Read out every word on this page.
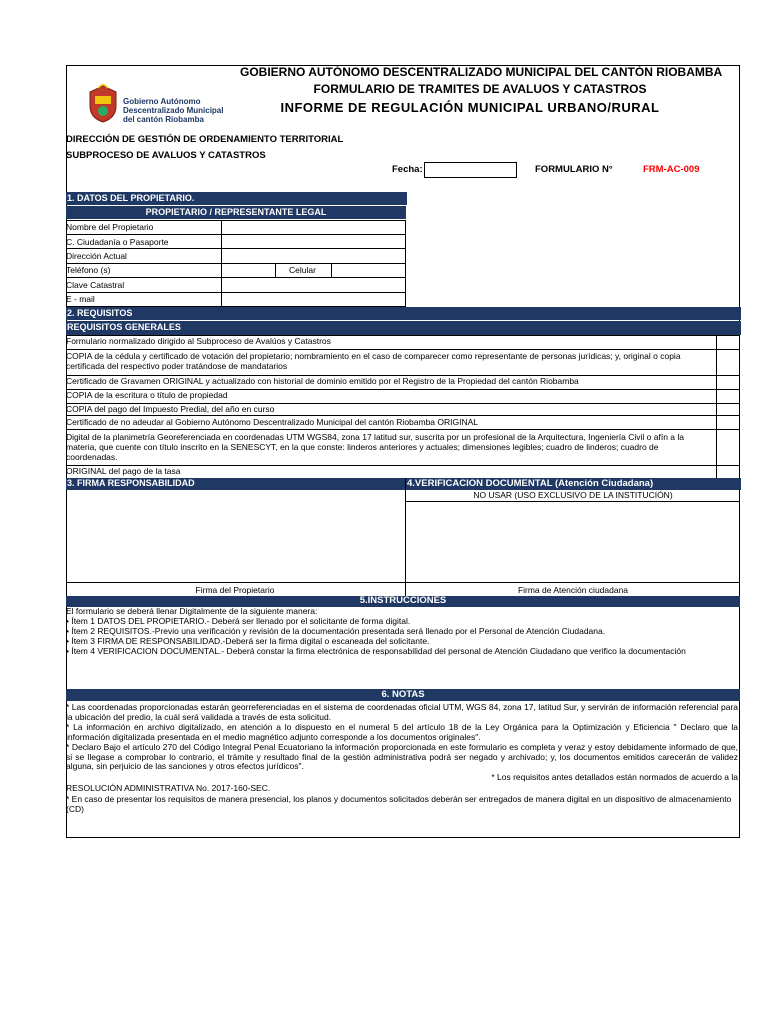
Gobierno Autónomo
Descentralizado Municipal
del cantón Riobamba
GOBIERNO AUTÓNOMO DESCENTRALIZADO MUNICIPAL DEL CANTÓN RIOBAMBA
FORMULARIO DE TRAMITES DE AVALUOS Y CATASTROS
INFORME DE REGULACIÓN MUNICIPAL URBANO/RURAL
DIRECCIÓN DE GESTIÓN DE ORDENAMIENTO TERRITORIAL
SUBPROCESO DE AVALUOS Y CATASTROS
Fecha:	FORMULARIO N°	FRM-AC-009
1. DATOS DEL PROPIETARIO.
PROPIETARIO / REPRESENTANTE LEGAL
Nombre del Propietario
C. Ciudadanía o Pasaporte
Dirección Actual
Teléfono (s)	Celular
Clave Catastral
E - mail
2. REQUISITOS
REQUISITOS GENERALES
Formulario normalizado dirigido al Subproceso de Avalúos y Catastros
COPIA de la cédula y certificado de votación del propietario; nombramiento en el caso de comparecer como representante de personas jurídicas; y, original o copia certificada del respectivo poder tratándose de mandatarios
Certificado de Gravamen ORIGINAL y actualizado con historial de dominio emitido por el Registro de la Propiedad del cantón Riobamba
COPIA de la escritura o título de propiedad
COPIA del pago del Impuesto Predial, del año en curso
Certificado de no adeudar al Gobierno Autónomo Descentralizado Municipal del cantón Riobamba ORIGINAL
Digital de la planimetría Georeferenciada en coordenadas UTM WGS84, zona 17 latitud sur, suscrita por un profesional de la Arquitectura, Ingeniería Civil o afín a la materia, que cuente con título inscrito en la SENESCYT, en la que conste: linderos anteriores y actuales; dimensiones legibles; cuadro de linderos; cuadro de coordenadas.
ORIGINAL del pago de la tasa
3. FIRMA RESPONSABILIDAD	4.VERIFICACION DOCUMENTAL (Atención Ciudadana)
NO USAR (USO EXCLUSIVO DE LA INSTITUCIÓN)
Firma del Propietario	Firma de Atención ciudadana
5.INSTRUCCIONES
El formulario se deberá llenar Digitalmente de la siguiente manera:
• Ítem 1 DATOS DEL PROPIETARIO.- Deberá ser llenado por el solicitante de forma digital.
• Ítem 2 REQUISITOS.-Previo una verificación y revisión de la documentación presentada será llenado por el Personal de Atención Ciudadana.
• Ítem 3 FIRMA DE RESPONSABILIDAD.-Deberá ser la firma digital o escaneada del solicitante.
• Ítem 4 VERIFICACION DOCUMENTAL.- Deberá constar la firma electrónica de responsabilidad del personal de Atención Ciudadano que verifico la documentación
6. NOTAS
* Las coordenadas proporcionadas estarán georreferenciadas en el sistema de coordenadas oficial UTM, WGS 84, zona 17, latitud Sur, y servirán de información referencial para la ubicación del predio, la cuál será validada a través de esta solicitud.
* La información en archivo digitalizado, en atención a lo dispuesto en el numeral 5 del artículo 18 de la Ley Orgánica para la Optimización y Eficiencia " Declaro que la información digitalizada presentada en el medio magnético adjunto corresponde a los documentos originales".
* Declaro Bajo el artículo 270 del Código Integral Penal Ecuatoriano la información proporcionada en este formulario es completa y veraz y estoy debidamente informado de que, si se llegase a comprobar lo contrario, el trámite y resultado final de la gestión administrativa podrá ser negado y archivado; y, los documentos emitidos carecerán de validez alguna, sin perjuicio de las sanciones y otros efectos jurídicos".
* Los requisitos antes detallados están normados de acuerdo a la
RESOLUCIÓN ADMINISTRATIVA No. 2017-160-SEC.
* En caso de presentar los requisitos de manera presencial, los planos y documentos solicitados deberán ser entregados de manera digital en un dispositivo de almacenamiento (CD)
